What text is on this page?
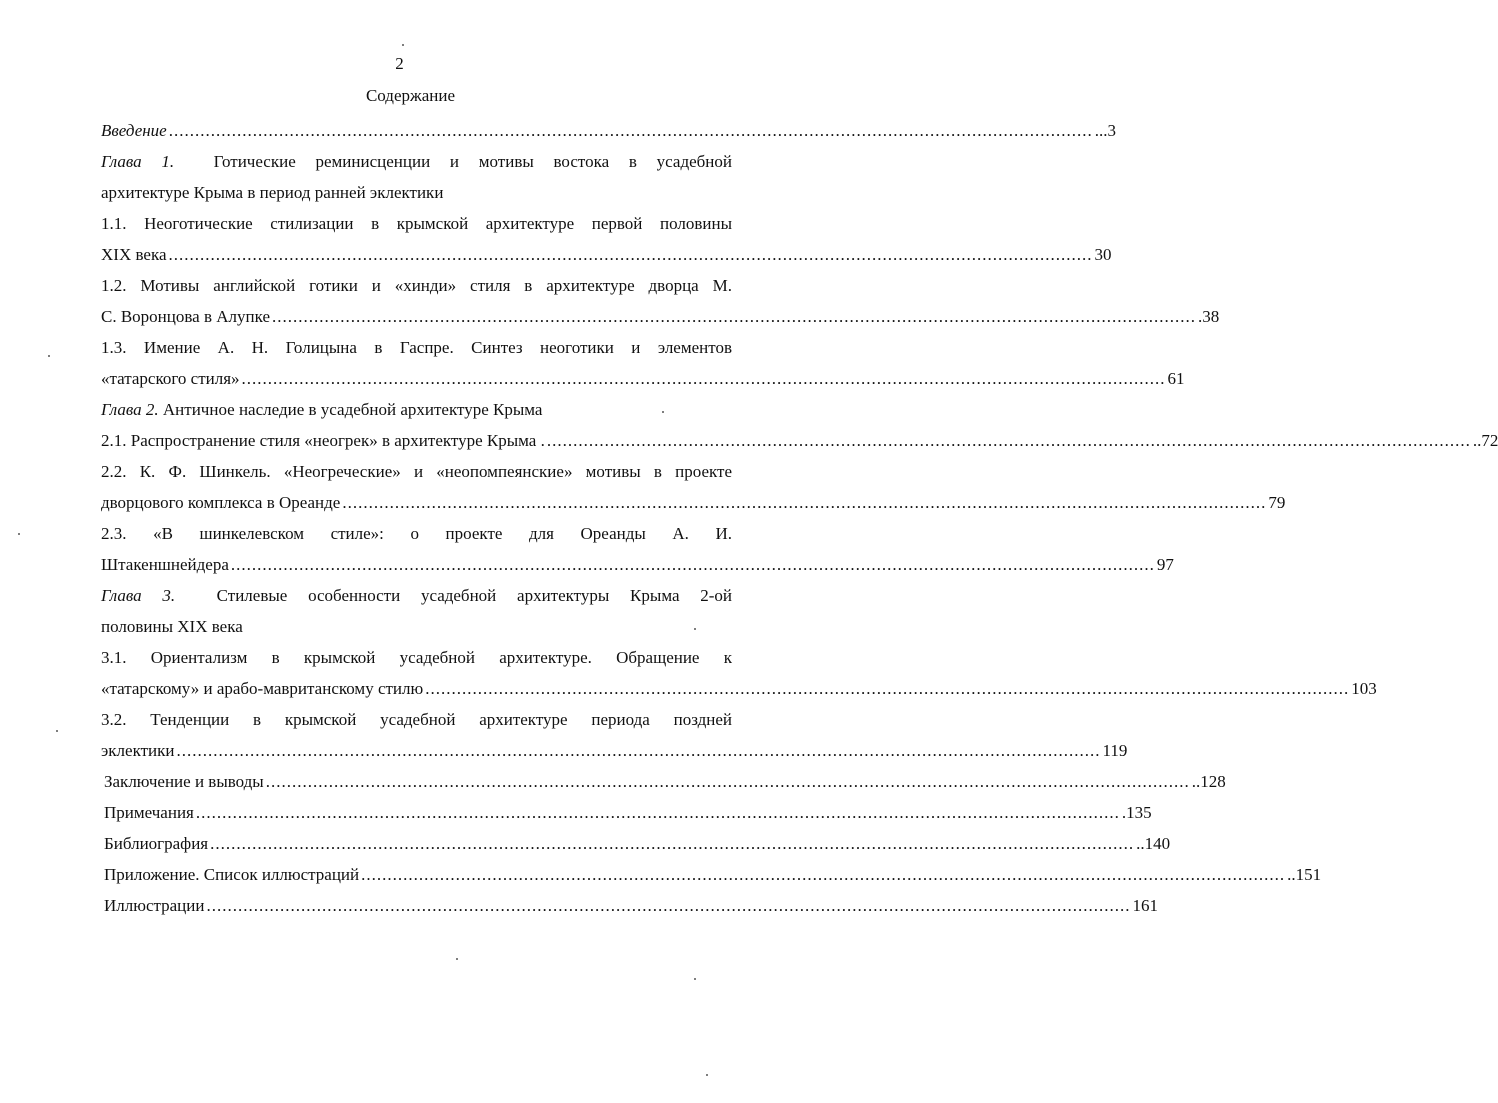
2
Содержание
Введение ................................................................................................................................................................................ ...3
Глава 1. Готические реминисценции и мотивы востока в усадебной
архитектуре Крыма в период ранней эклектики
1.1. Неоготические стилизации в крымской архитектуре первой половины
XIX века ................................................................................................................................................................................ 30
1.2. Мотивы английской готики и «хинди» стиля в архитектуре дворца М.
С. Воронцова в Алупке ................................................................................................................................................................................ .38
1.3. Имение А. Н. Голицына в Гаспре. Синтез неоготики и элементов
«татарского стиля» ................................................................................................................................................................................ 61
Глава 2. Античное наследие в усадебной архитектуре Крыма
2.1. Распространение стиля «неогрек» в архитектуре Крыма . ................................................................................................................................................................................ ..72
2.2. К. Ф. Шинкель. «Неогреческие» и «неопомпеянские» мотивы в проекте
дворцового комплекса в Ореанде ................................................................................................................................................................................ 79
2.3. «В шинкелевском стиле»: о проекте для Ореанды А. И.
Штакеншнейдера ................................................................................................................................................................................ 97
Глава 3. Стилевые особенности усадебной архитектуры Крыма 2-ой
половины XIX века
3.1. Ориентализм в крымской усадебной архитектуре. Обращение к
«татарскому» и арабо-мавританскому стилю ................................................................................................................................................................................ 103
3.2. Тенденции в крымской усадебной архитектуре периода поздней
эклектики ................................................................................................................................................................................ 119
Заключение и выводы ................................................................................................................................................................................ ..128
Примечания ................................................................................................................................................................................ .135
Библиография ................................................................................................................................................................................ ..140
Приложение. Список иллюстраций ................................................................................................................................................................................ ..151
Иллюстрации ................................................................................................................................................................................ 161
